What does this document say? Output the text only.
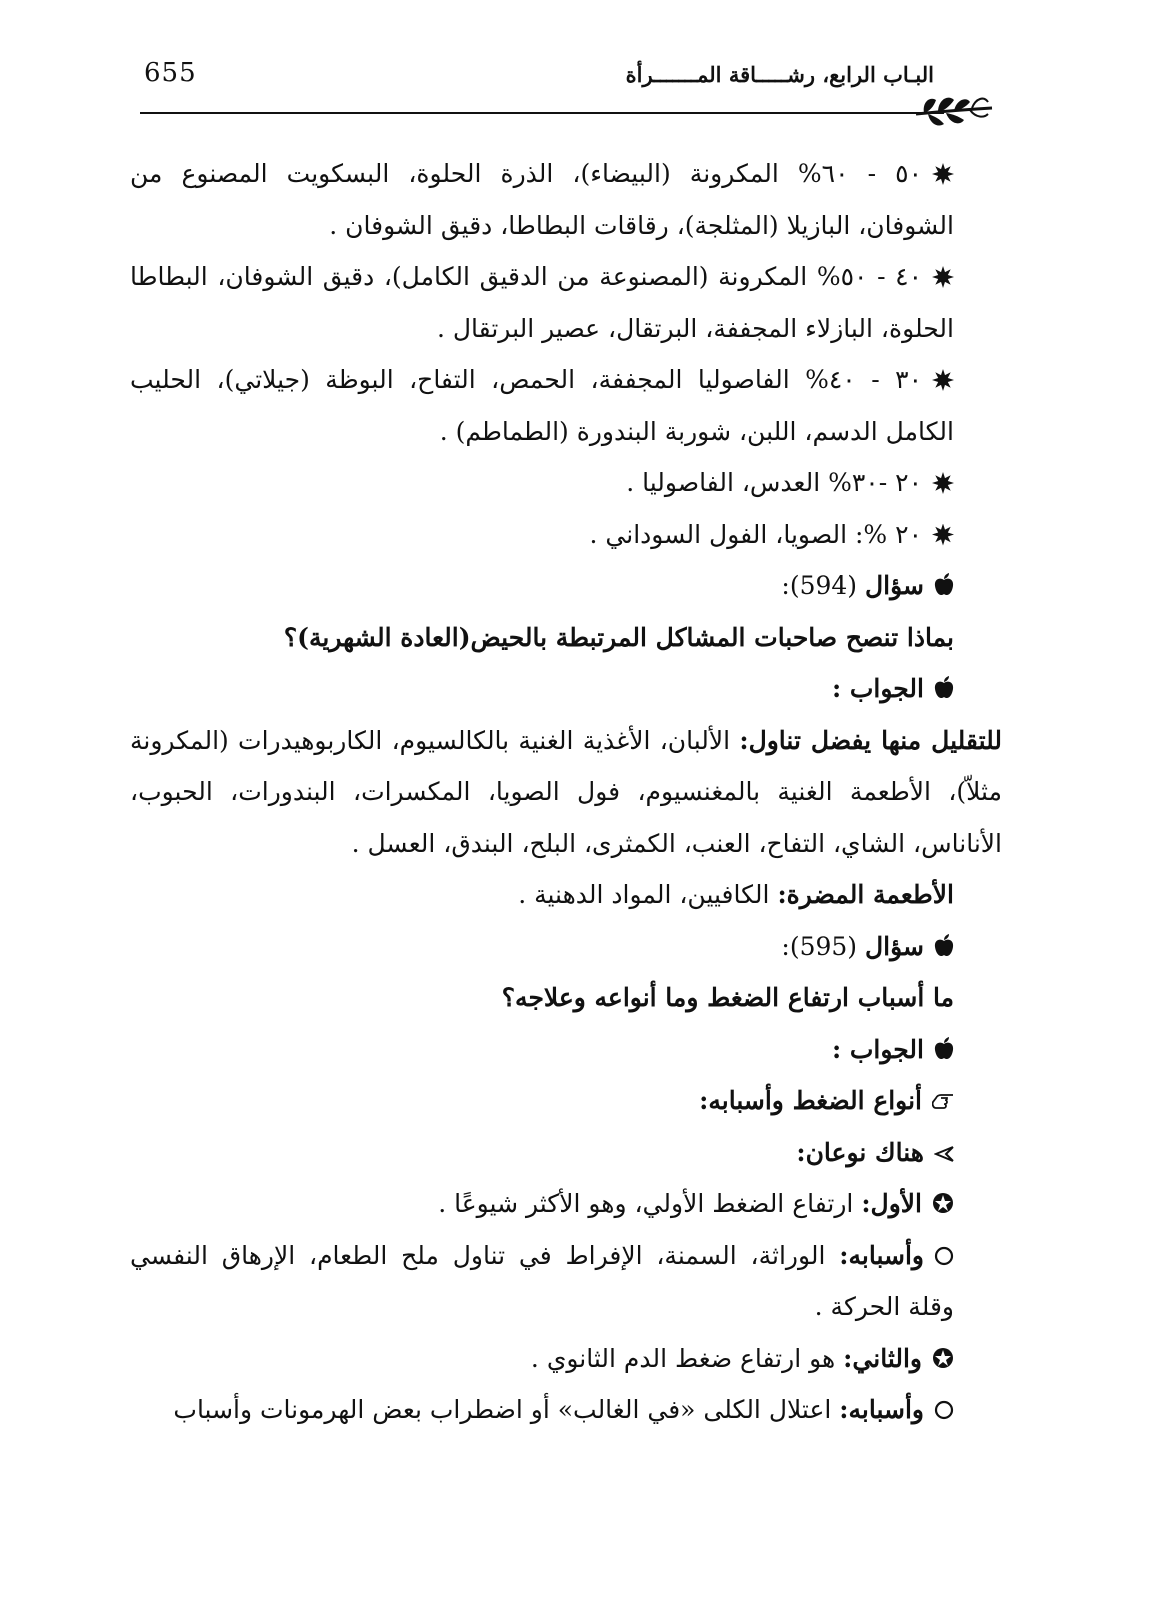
655	البـاب الرابع، رشـــــاقة المـــــــرأة

٥٠ - ٦٠% المكرونة (البيضاء)، الذرة الحلوة، البسكويت المصنوع من الشوفان، البازيلا (المثلجة)، رقاقات البطاطا، دقيق الشوفان .

٤٠ - ٥٠% المكرونة (المصنوعة من الدقيق الكامل)، دقيق الشوفان، البطاطا الحلوة، البازلاء المجففة، البرتقال، عصير البرتقال .

٣٠ - ٤٠% الفاصوليا المجففة، الحمص، التفاح، البوظة (جيلاتي)، الحليب الكامل الدسم، اللبن، شوربة البندورة (الطماطم) .

٢٠ -٣٠% العدس، الفاصوليا .

٢٠ %: الصويا، الفول السوداني .

سؤال (594):

بماذا تنصح صاحبات المشاكل المرتبطة بالحيض(العادة الشهرية)؟

الجواب :

للتقليل منها يفضل تناول: الألبان، الأغذية الغنية بالكالسيوم، الكاربوهيدرات (المكرونة مثلاّ)، الأطعمة الغنية بالمغنسيوم، فول الصويا، المكسرات، البندورات، الحبوب، الأناناس، الشاي، التفاح، العنب، الكمثرى، البلح، البندق، العسل .

الأطعمة المضرة: الكافيين، المواد الدهنية .

سؤال (595):

ما أسباب ارتفاع الضغط وما أنواعه وعلاجه؟

الجواب :

أنواع الضغط وأسبابه:

هناك نوعان:

الأول: ارتفاع الضغط الأولي، وهو الأكثر شيوعًا .

وأسبابه: الوراثة، السمنة، الإفراط في تناول ملح الطعام، الإرهاق النفسي وقلة الحركة .

والثاني: هو ارتفاع ضغط الدم الثانوي .

وأسبابه: اعتلال الكلى «في الغالب» أو اضطراب بعض الهرمونات وأسباب
